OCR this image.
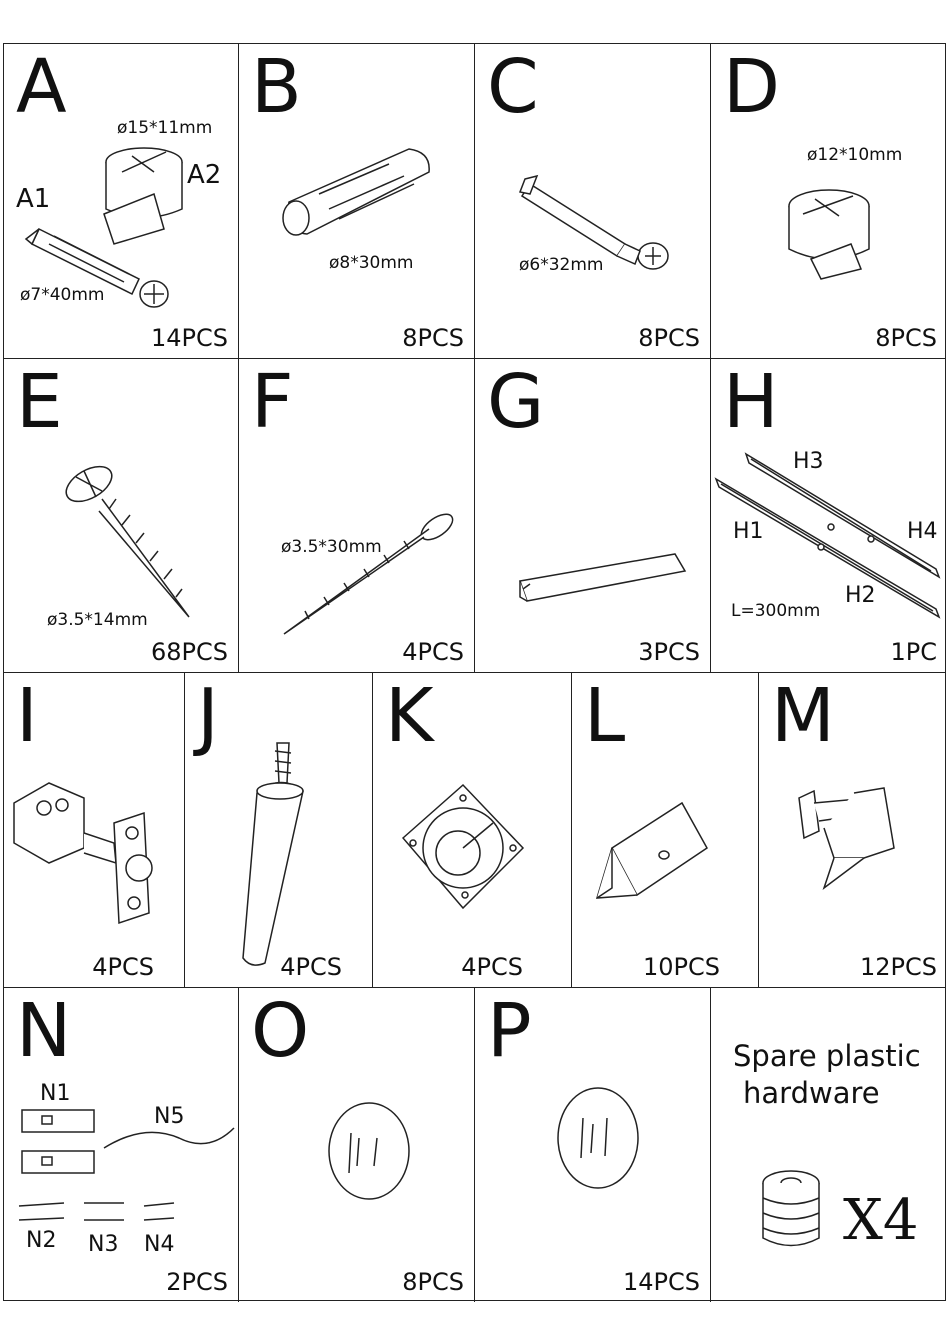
A	ø15*11mm
A2
A1
ø7*40mm
14PCS
B
ø8*30mm
8PCS
C
ø6*32mm
8PCS
D
ø12*10mm
8PCS
E
ø3.5*14mm
68PCS
F
ø3.5*30mm
4PCS
G
3PCS
H
H3
H1	H4
H2
L=300mm
1PC
I
4PCS
J
4PCS
K
4PCS
L
10PCS
M
12PCS
N
N1
N5
N2 N3 N4
2PCS
O
8PCS
P
14PCS
Spare plastic
hardware
X4
